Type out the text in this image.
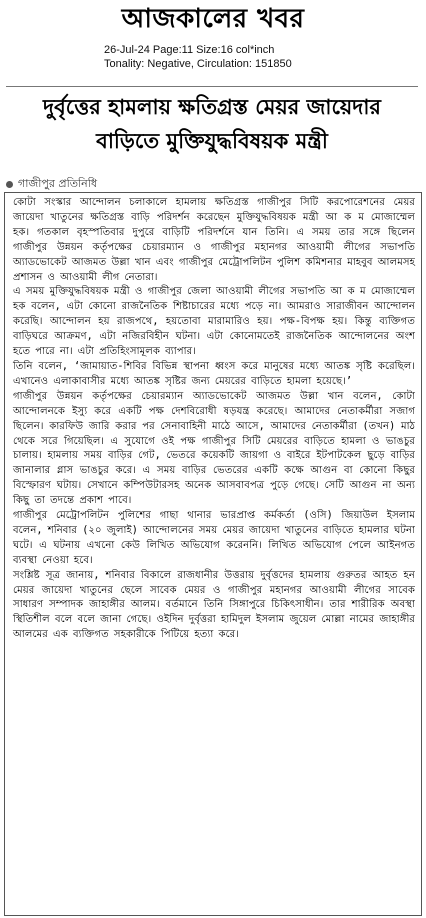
আজকালের খবর
26-Jul-24 Page:11 Size:16 col*inch
Tonality: Negative, Circulation: 151850
দুর্বৃত্তের হামলায় ক্ষতিগ্রস্ত মেয়র জায়েদার
বাড়িতে মুক্তিযুদ্ধবিষয়ক মন্ত্রী
গাজীপুর প্রতিনিধি

কোটা সংস্কার আন্দোলন চলাকালে হামলায় ক্ষতিগ্রস্ত গাজীপুর সিটি করপোরেশনের মেয়র জায়েদা খাতুনের ক্ষতিগ্রস্ত বাড়ি পরিদর্শন করেছেন মুক্তিযুদ্ধবিষয়ক মন্ত্রী আ ক ম মোজাম্মেল হক। গতকাল বৃহস্পতিবার দুপুরে বাড়িটি পরিদর্শনে যান তিনি। এ সময় তার সঙ্গে ছিলেন গাজীপুর উন্নয়ন কর্তৃপক্ষের চেয়ারম্যান ও গাজীপুর মহানগর আওয়ামী লীগের সভাপতি অ্যাডভোকেট আজমত উল্লা খান এবং গাজীপুর মেট্রোপলিটন পুলিশ কমিশনার মাহবুব আলমসহ প্রশাসন ও আওয়ামী লীগ নেতারা।

এ সময় মুক্তিযুদ্ধবিষয়ক মন্ত্রী ও গাজীপুর জেলা আওয়ামী লীগের সভাপতি আ ক ম মোজাম্মেল হক বলেন, এটা কোনো রাজনৈতিক শিষ্টাচারের মধ্যে পড়ে না। আমরাও সারাজীবন আন্দোলন করেছি। আন্দোলন হয় রাজপথে, হয়তোবা মারামারিও হয়। পক্ষ-বিপক্ষ হয়। কিন্তু ব্যক্তিগত বাড়িঘরে আক্রমণ, এটা নজিরবিহীন ঘটনা। এটা কোনোমতেই রাজনৈতিক আন্দোলনের অংশ হতে পারে না। এটা প্রতিহিংসামূলক ব্যাপার।

তিনি বলেন, ‘জামায়াত-শিবির বিভিন্ন স্থাপনা ধ্বংস করে মানুষের মধ্যে আতঙ্ক সৃষ্টি করেছিল। এখানেও এলাকাবাসীর মধ্যে আতঙ্ক সৃষ্টির জন্য মেয়রের বাড়িতে হামলা হয়েছে।’

গাজীপুর উন্নয়ন কর্তৃপক্ষের চেয়ারম্যান অ্যাডভোকেট আজমত উল্লা খান বলেন, কোটা আন্দোলনকে ইস্যু করে একটি পক্ষ দেশবিরোধী ষড়যন্ত্র করেছে। আমাদের নেতাকর্মীরা সজাগ ছিলেন। কারফিউ জারি করার পর সেনাবাহিনী মাঠে আসে, আমাদের নেতাকর্মীরা (তখন) মাঠ থেকে সরে গিয়েছিল। এ সুযোগে ওই পক্ষ গাজীপুর সিটি মেয়রের বাড়িতে হামলা ও ভাঙচুর চালায়। হামলায় সময় বাড়ির গেট, ভেতরে কয়েকটি জায়গা ও বাইরে ইটপাটকেল ছুড়ে বাড়ির জানালার গ্লাস ভাঙচুর করে। এ সময় বাড়ির ভেতরের একটি কক্ষে আগুন বা কোনো কিছুর বিস্ফোরণ ঘটায়। সেখানে কম্পিউটারসহ অনেক আসবাবপত্র পুড়ে গেছে। সেটি আগুন না অন্য কিছু তা তদন্তে প্রকাশ পাবে।

গাজীপুর মেট্রোপলিটন পুলিশের গাছা থানার ভারপ্রাপ্ত কর্মকর্তা (ওসি) জিয়াউল ইসলাম বলেন, শনিবার (২০ জুলাই) আন্দোলনের সময় মেয়র জায়েদা খাতুনের বাড়িতে হামলার ঘটনা ঘটে। এ ঘটনায় এখনো কেউ লিখিত অভিযোগ করেননি। লিখিত অভিযোগ পেলে আইনগত ব্যবস্থা নেওয়া হবে।

সংশ্লিষ্ট সূত্র জানায়, শনিবার বিকালে রাজধানীর উত্তরায় দুর্বৃত্তদের হামলায় গুরুতর আহত হন মেয়র জায়েদা খাতুনের ছেলে সাবেক মেয়র ও গাজীপুর মহানগর আওয়ামী লীগের সাবেক সাধারণ সম্পাদক জাহাঙ্গীর আলম। বর্তমানে তিনি সিঙ্গাপুরে চিকিৎসাধীন। তার শারীরিক অবস্থা স্থিতিশীল বলে বলে জানা গেছে। ওইদিন দুর্বৃত্তরা হামিদুল ইসলাম জুয়েল মোল্লা নামের জাহাঙ্গীর আলমের এক ব্যক্তিগত সহকারীকে পিটিয়ে হত্যা করে।
